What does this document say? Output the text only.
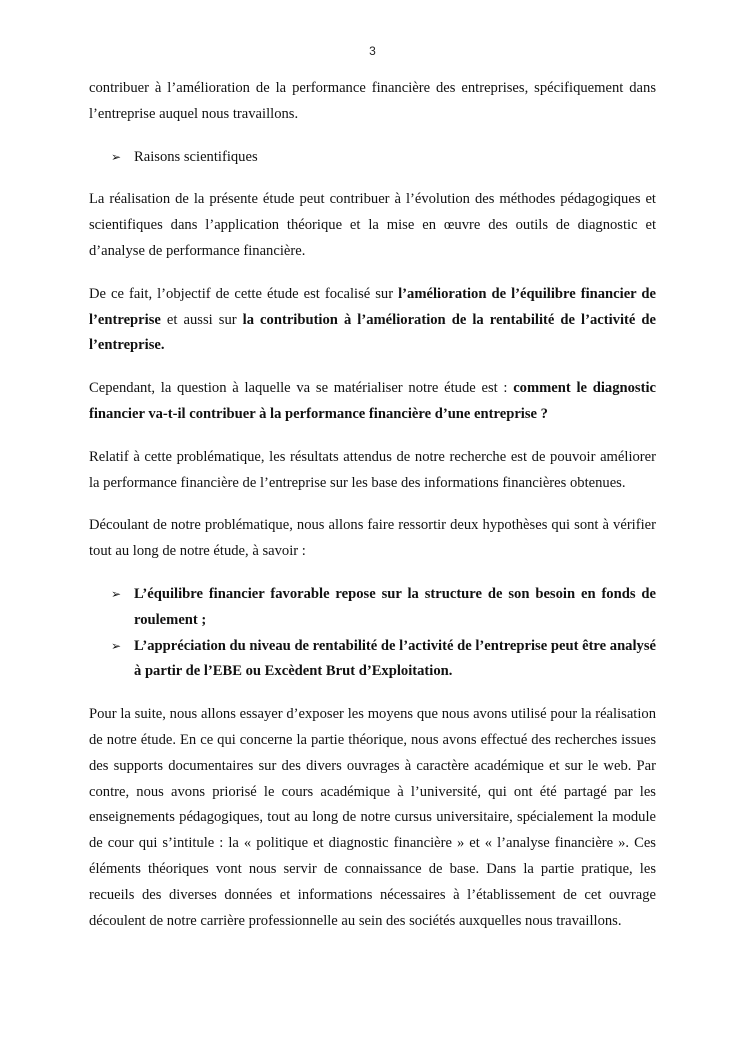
3

contribuer à l’amélioration de la performance financière des entreprises, spécifiquement dans l’entreprise auquel nous travaillons.

➢ Raisons scientifiques

La réalisation de la présente étude peut contribuer à l’évolution des méthodes pédagogiques et scientifiques dans l’application théorique et la mise en œuvre des outils de diagnostic et d’analyse de performance financière.

De ce fait, l’objectif de cette étude est focalisé sur l’amélioration de l’équilibre financier de l’entreprise et aussi sur la contribution à l’amélioration de la rentabilité de l’activité de l’entreprise.

Cependant, la question à laquelle va se matérialiser notre étude est : comment le diagnostic financier va-t-il contribuer à la performance financière d’une entreprise ?

Relatif à cette problématique, les résultats attendus de notre recherche est de pouvoir améliorer la performance financière de l’entreprise sur les base des informations financières obtenues.

Découlant de notre problématique, nous allons faire ressortir deux hypothèses qui sont à vérifier tout au long de notre étude, à savoir :

➢ L’équilibre financier favorable repose sur la structure de son besoin en fonds de roulement ;
➢ L’appréciation du niveau de rentabilité de l’activité de l’entreprise peut être analysé à partir de l’EBE ou Excèdent Brut d’Exploitation.

Pour la suite, nous allons essayer d’exposer les moyens que nous avons utilisé pour la réalisation de notre étude. En ce qui concerne la partie théorique, nous avons effectué des recherches issues des supports documentaires sur des divers ouvrages à caractère académique et sur le web. Par contre, nous avons priorisé le cours académique à l’université, qui ont été partagé par les enseignements pédagogiques, tout au long de notre cursus universitaire, spécialement la module de cour qui s’intitule : la « politique et diagnostic financière » et « l’analyse financière ». Ces éléments théoriques vont nous servir de connaissance de base. Dans la partie pratique, les recueils des diverses données et informations nécessaires à l’établissement de cet ouvrage découlent de notre carrière professionnelle au sein des sociétés auxquelles nous travaillons.
